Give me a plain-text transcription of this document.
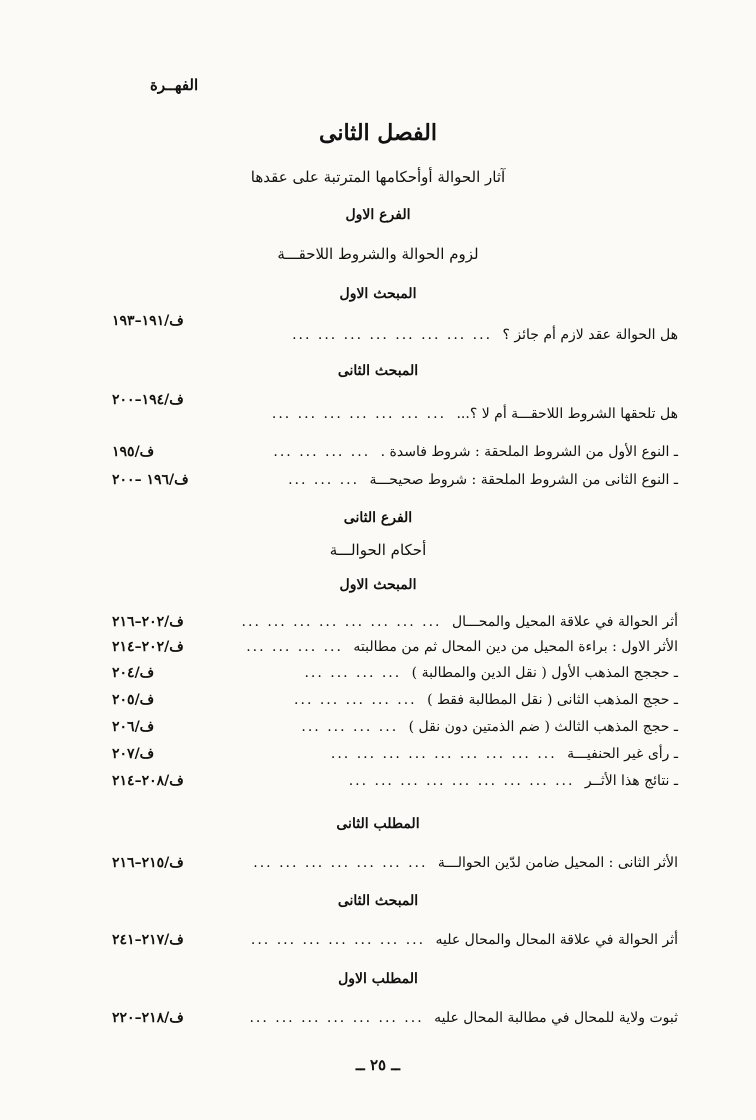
الفهــرة
الفصل الثانى
آثار الحوالة أوأحكامها المترتبة على عقدها
الفرع الاول
لزوم الحوالة والشروط اللاحقـــة
المبحث الاول
هل الحوالة عقد لازم أم جائز ؟ ... ... ... ... ... ... ... ...
ف/١٩١–١٩٣
المبحث الثانى
هل تلحقها الشروط اللاحقـــة أم لا ؟... ... ... ... ... ... ... ...
ف/١٩٤–٢٠٠
ـ النوع الأول من الشروط الملحقة : شروط فاسدة . ... ... ... ...
ف/١٩٥
ـ النوع الثانى من الشروط الملحقة : شروط صحيحـــة ... ... ...
ف/١٩٦ –٢٠٠
الفرع الثانى
أحكام الحوالـــة
المبحث الاول
أثر الحوالة في علاقة المحيل والمحـــال ... ... ... ... ... ... ... ...
ف/٢٠٢–٢١٦
الأثر الاول : براءة المحيل من دين المحال ثم من مطالبته ... ... ... ...
ف/٢٠٢–٢١٤
ـ حججج المذهب الأول ( نقل الدين والمطالبة ) ... ... ... ...
ف/٢٠٤
ـ حجج المذهب الثانى ( نقل المطالبة فقط ) ... ... ... ... ...
ف/٢٠٥
ـ حجج المذهب الثالث ( ضم الذمتين دون نقل ) ... ... ... ...
ف/٢٠٦
ـ رأى غير الحنفيـــة ... ... ... ... ... ... ... ... ...
ف/٢٠٧
ـ نتائج هذا الأثــر ... ... ... ... ... ... ... ... ...
ف/٢٠٨–٢١٤
المطلب الثانى
الأثر الثانى : المحيل ضامن لدّين الحوالـــة ... ... ... ... ... ... ...
ف/٢١٥–٢١٦
المبحث الثانى
أثر الحوالة في علاقة المحال والمحال عليه ... ... ... ... ... ... ...
ف/٢١٧–٢٤١
المطلب الاول
ثبوت ولاية للمحال في مطالبة المحال عليه ... ... ... ... ... ... ...
ف/٢١٨–٢٢٠
ــ ٢٥ ــ
